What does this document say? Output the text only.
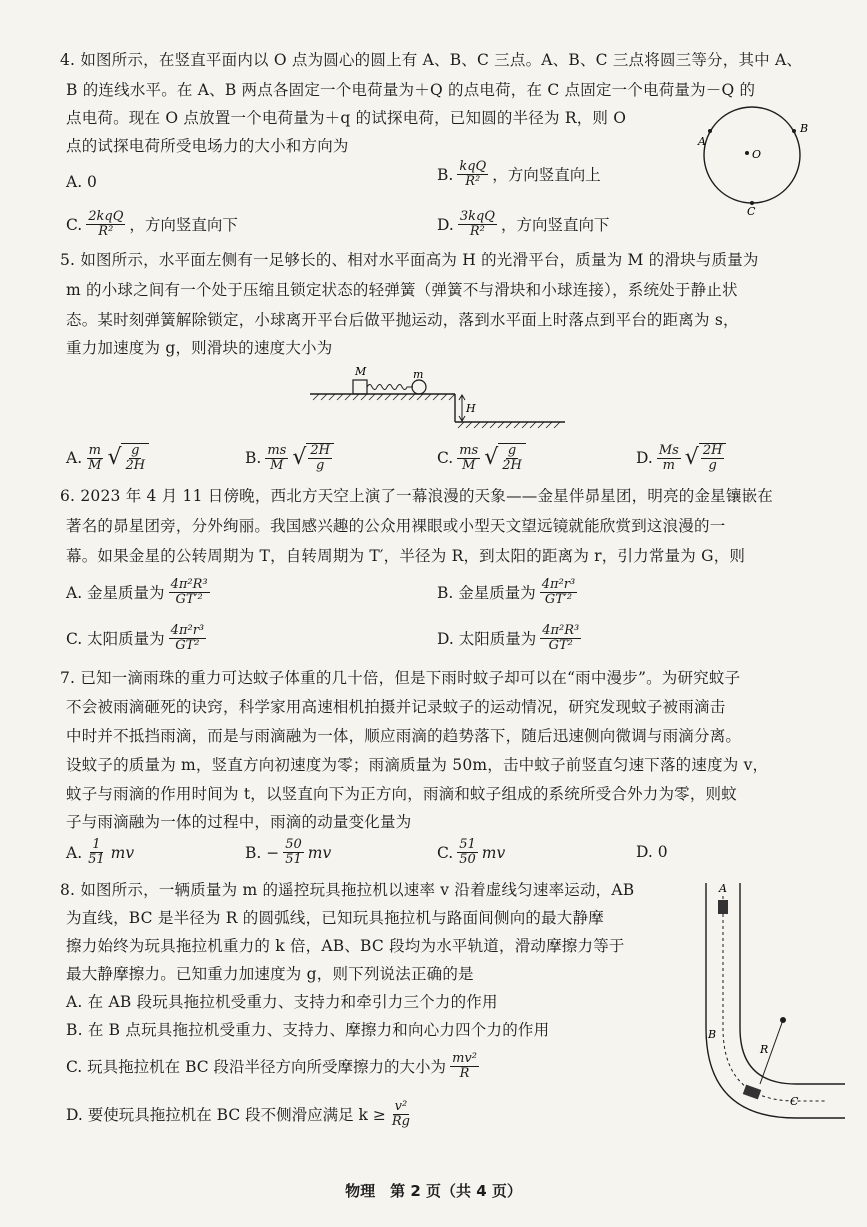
4. 如图所示，在竖直平面内以 O 点为圆心的圆上有 A、B、C 三点。A、B、C 三点将圆三等分，其中 A、
B 的连线水平。在 A、B 两点各固定一个电荷量为＋Q 的点电荷，在 C 点固定一个电荷量为－Q 的
点电荷。现在 O 点放置一个电荷量为＋q 的试探电荷，已知圆的半径为 R，则 O
点的试探电荷所受电场力的大小和方向为
A. 0	B. $\frac{\text{kqQ}}{\text{R²}}$ ，方向竖直向上
C. $\frac{\text{2kqQ}}{\text{R²}}$ ，方向竖直向下	D. $\frac{\text{3kqQ}}{\text{R²}}$ ，方向竖直向下
A
B
C
O
5. 如图所示，水平面左侧有一足够长的、相对水平面高为 H 的光滑平台，质量为 M 的滑块与质量为
m 的小球之间有一个处于压缩且锁定状态的轻弹簧（弹簧不与滑块和小球连接），系统处于静止状
态。某时刻弹簧解除锁定，小球离开平台后做平抛运动，落到水平面上时落点到平台的距离为 s，
重力加速度为 g，则滑块的速度大小为
M	m
H
A. $\frac{m}{M}$ √ $\frac{g}{2H}$	B. $\frac{ms}{M}$ √ $\frac{2H}{g}$	C. $\frac{ms}{M}$ √ $\frac{g}{2H}$	D. $\frac{Ms}{m}$ √ $\frac{2H}{g}$
6. 2023 年 4 月 11 日傍晚，西北方天空上演了一幕浪漫的天象——金星伴昴星团，明亮的金星镶嵌在
著名的昴星团旁，分外绚丽。我国感兴趣的公众用裸眼或小型天文望远镜就能欣赏到这浪漫的一
幕。如果金星的公转周期为 T，自转周期为 T′，半径为 R，到太阳的距离为 r，引力常量为 G，则
A. 金星质量为 $\frac{\text{4π²R³}}{\text{GT′²}}$	B. 金星质量为 $\frac{\text{4π²r³}}{\text{GT′²}}$
C. 太阳质量为 $\frac{\text{4π²r³}}{\text{GT²}}$	D. 太阳质量为 $\frac{\text{4π²R³}}{\text{GT²}}$
7. 已知一滴雨珠的重力可达蚊子体重的几十倍，但是下雨时蚊子却可以在“雨中漫步”。为研究蚊子
不会被雨滴砸死的诀窍，科学家用高速相机拍摄并记录蚊子的运动情况，研究发现蚊子被雨滴击
中时并不抵挡雨滴，而是与雨滴融为一体，顺应雨滴的趋势落下，随后迅速侧向微调与雨滴分离。
设蚊子的质量为 m，竖直方向初速度为零；雨滴质量为 50m，击中蚊子前竖直匀速下落的速度为 v，
蚊子与雨滴的作用时间为 t，以竖直向下为正方向，雨滴和蚊子组成的系统所受合外力为零，则蚊
子与雨滴融为一体的过程中，雨滴的动量变化量为
A. $\frac{1}{51}$ mv	B. − $\frac{50}{51}$ mv	C. $\frac{51}{50}$ mv	D. 0
8. 如图所示，一辆质量为 m 的遥控玩具拖拉机以速率 v 沿着虚线匀速率运动，AB
为直线，BC 是半径为 R 的圆弧线，已知玩具拖拉机与路面间侧向的最大静摩
擦力始终为玩具拖拉机重力的 k 倍，AB、BC 段均为水平轨道，滑动摩擦力等于
最大静摩擦力。已知重力加速度为 g，则下列说法正确的是
A. 在 AB 段玩具拖拉机受重力、支持力和牵引力三个力的作用
B. 在 B 点玩具拖拉机受重力、支持力、摩擦力和向心力四个力的作用
C. 玩具拖拉机在 BC 段沿半径方向所受摩擦力的大小为 $\frac{\text{mv²}}{R}$
D. 要使玩具拖拉机在 BC 段不侧滑应满足 $k \ge \frac{\text{v²}}{Rg}$
A
B
C
R
物理　第 2 页（共 4 页）
